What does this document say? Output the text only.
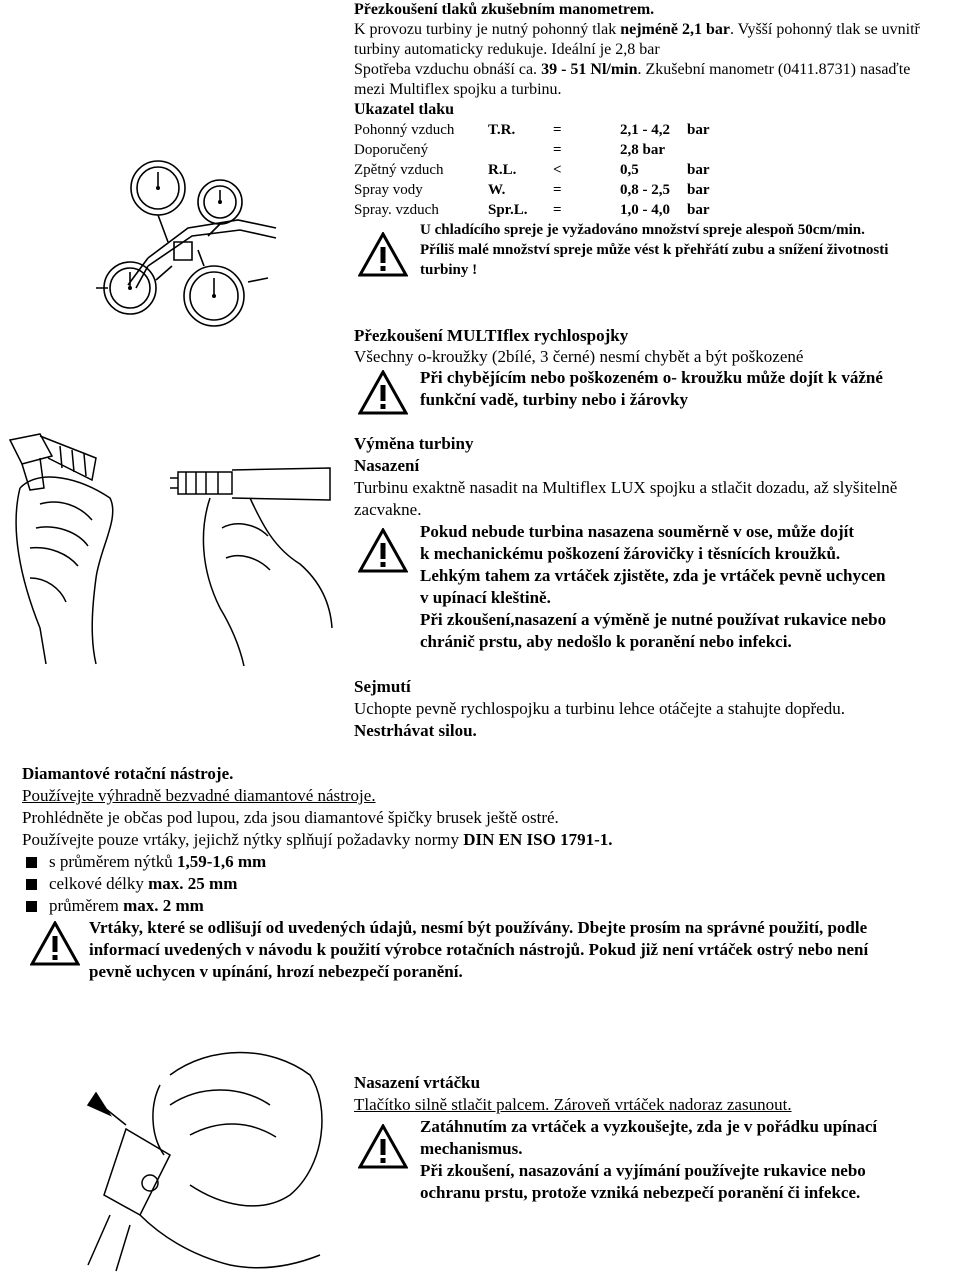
Přezkoušení tlaků zkušebním manometrem.
K provozu turbiny je nutný pohonný tlak nejméně 2,1 bar. Vyšší pohonný tlak se uvnitř
turbiny automaticky redukuje. Ideální je 2,8 bar
Spotřeba vzduchu obnáší ca. 39 - 51 Nl/min. Zkušební manometr (0411.8731) nasaďte
mezi Multiflex spojku a turbinu.
Ukazatel tlaku
Pohonný vzduch T.R.	=	2,1 - 4,2 bar
Doporučený	=	2,8 bar
Zpětný vzduch	R.L. <	0,5	bar
Spray vody	W.	=	0,8 - 2,5 bar
Spray. vzduch	Spr.L. =	1,0 - 4,0 bar
U chladícího spreje je vyžadováno množství spreje alespoň 50cm/min.
Příliš malé množství spreje může vést k přehřátí zubu a snížení životnosti
turbiny !
Přezkoušení MULTIflex rychlospojky
Všechny o-kroužky (2bílé, 3 černé) nesmí chybět a být poškozené
Při chybějícím nebo poškozeném o- kroužku může dojít k vážné
funkční vadě, turbiny nebo i žárovky
Výměna turbiny
Nasazení
Turbinu exaktně nasadit na Multiflex LUX spojku a stlačit dozadu, až slyšitelně
zacvakne.
Pokud nebude turbina nasazena souměrně v ose, může dojít
k mechanickému poškození žárovičky i těsnících kroužků.
Lehkým tahem za vrtáček zjistěte, zda je vrtáček pevně uchycen
v upínací kleštině.
Při zkoušení,nasazení a výměně je nutné používat rukavice nebo
chránič prstu, aby nedošlo k poranění nebo infekci.
Sejmutí
Uchopte pevně rychlospojku a turbinu lehce otáčejte a stahujte dopředu.
Nestrhávat silou.
Diamantové rotační nástroje.
Používejte výhradně bezvadné diamantové nástroje.
Prohlédněte je občas pod lupou, zda jsou diamantové špičky brusek ještě ostré.
Používejte pouze vrtáky, jejichž nýtky splňují požadavky normy DIN EN ISO 1791-1.
s průměrem nýtků 1,59-1,6 mm
celkové délky max. 25 mm
průměrem max. 2 mm
Vrtáky, které se odlišují od uvedených údajů, nesmí být používány. Dbejte prosím na správné použití, podle
informací uvedených v návodu k použití výrobce rotačních nástrojů. Pokud již není vrtáček ostrý nebo není
pevně uchycen v upínání, hrozí nebezpečí poranění.
Nasazení vrtáčku
Tlačítko silně stlačit palcem. Zároveň vrtáček nadoraz zasunout.
Zatáhnutím za vrtáček a vyzkoušejte, zda je v pořádku upínací
mechanismus.
Při zkoušení, nasazování a vyjímání používejte rukavice nebo
ochranu prstu, protože vzniká nebezpečí poranění či infekce.
